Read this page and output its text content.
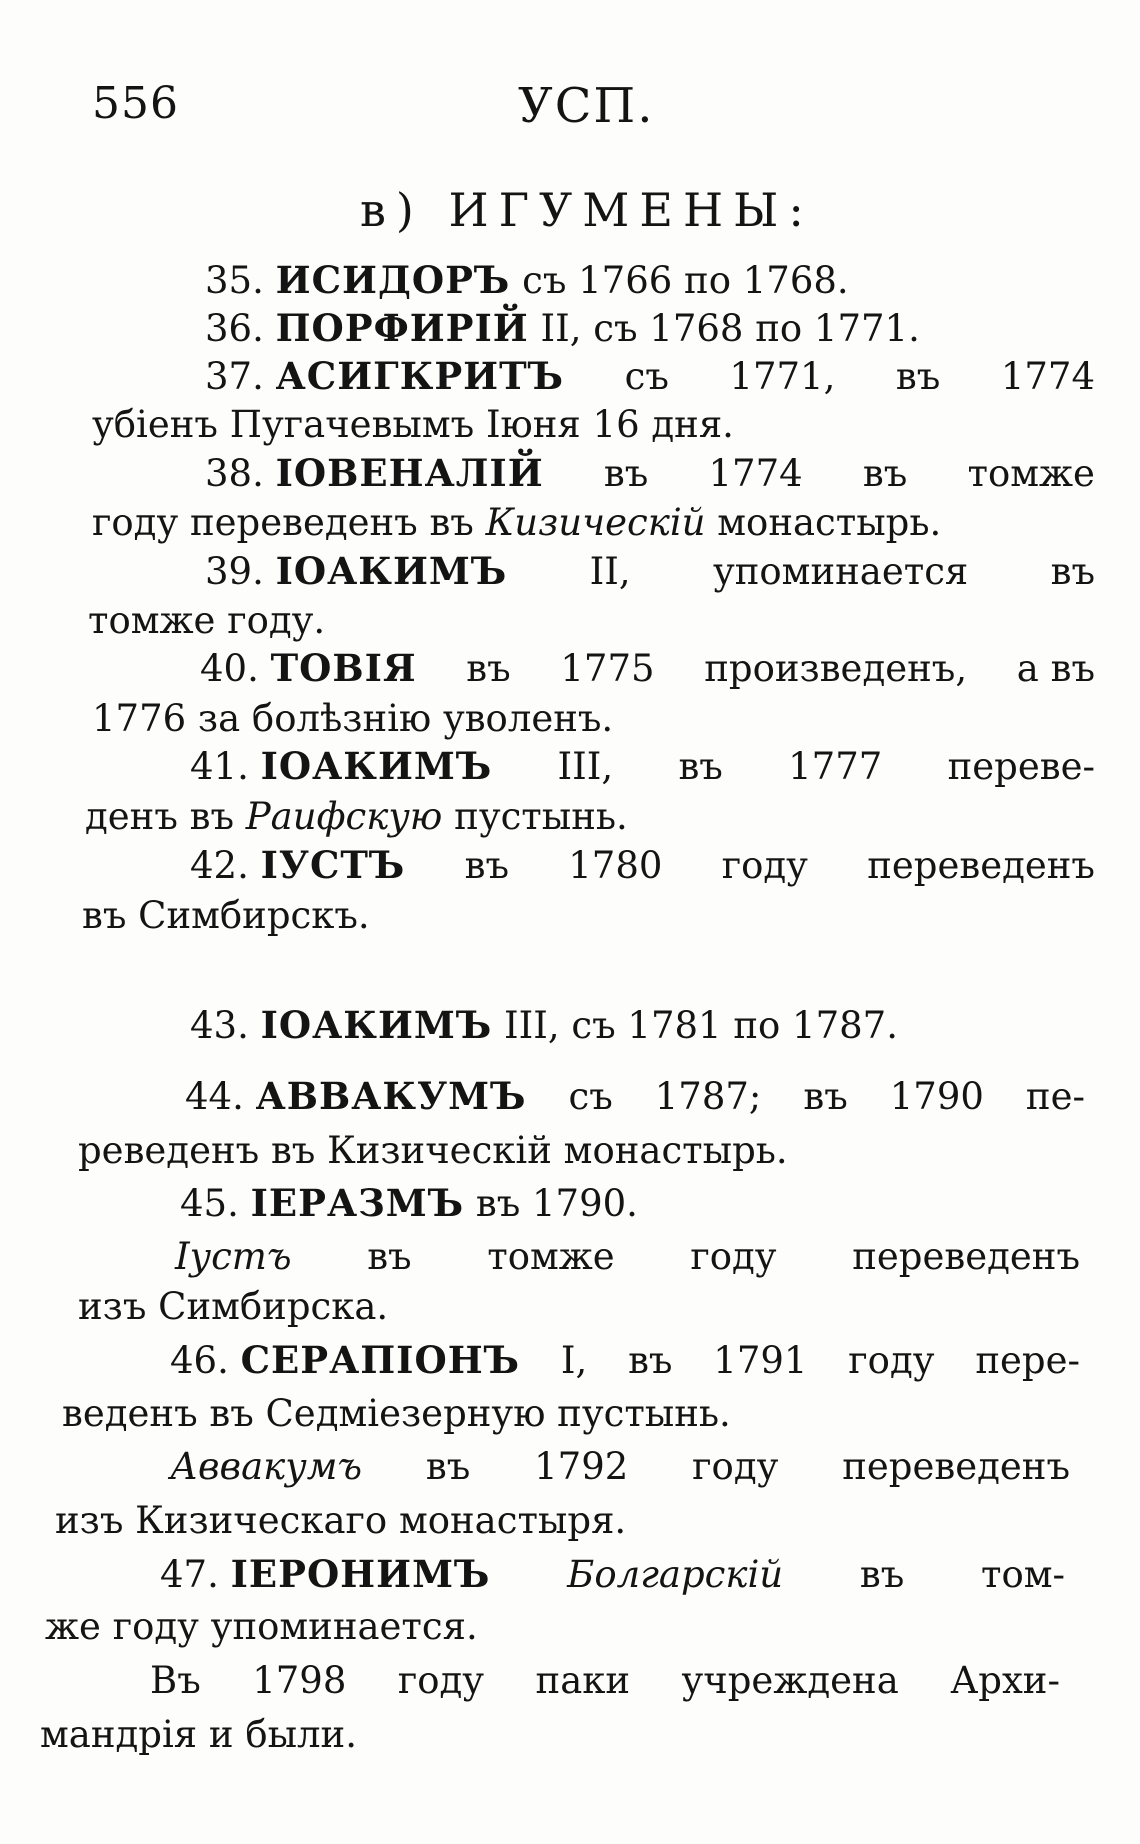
556	УСП.
в) ИГУМЕНЫ:
35. ИСИДОРЪ съ 1766 по 1768.
36. ПОРФИРІЙ II, съ 1768 по 1771.
37. АСИГКРИТЪ съ 1771, въ 1774
убіенъ Пугачевымъ Іюня 16 дня.
38. ІОВЕНАЛІЙ въ 1774 въ томже
году переведенъ въ Кизическій монастырь.
39. ІОАКИМЪ II, упоминается въ
томже году.
40. ТОВІЯ въ 1775 произведенъ, а въ
1776 за болѣзнію уволенъ.
41. ІОАКИМЪ III, въ 1777 переве-
денъ въ Раифскую пустынь.
42. ІУСТЪ въ 1780 году переведенъ
въ Симбирскъ.
43. ІОАКИМЪ III, съ 1781 по 1787.
44. АВВАКУМЪ съ 1787; въ 1790 пе-
реведенъ въ Кизическій монастырь.
45. ІЕРАЗМЪ въ 1790.
Іустъ въ томже году переведенъ
изъ Симбирска.
46. СЕРАПІОНЪ I, въ 1791 году пере-
веденъ въ Седміезерную пустынь.
Аввакумъ въ 1792 году переведенъ
изъ Кизическаго монастыря.
47. ІЕРОНИМЪ Болгарскій въ том-
же году упоминается.
Въ 1798 году паки учреждена Архи-
мандрія и были.
